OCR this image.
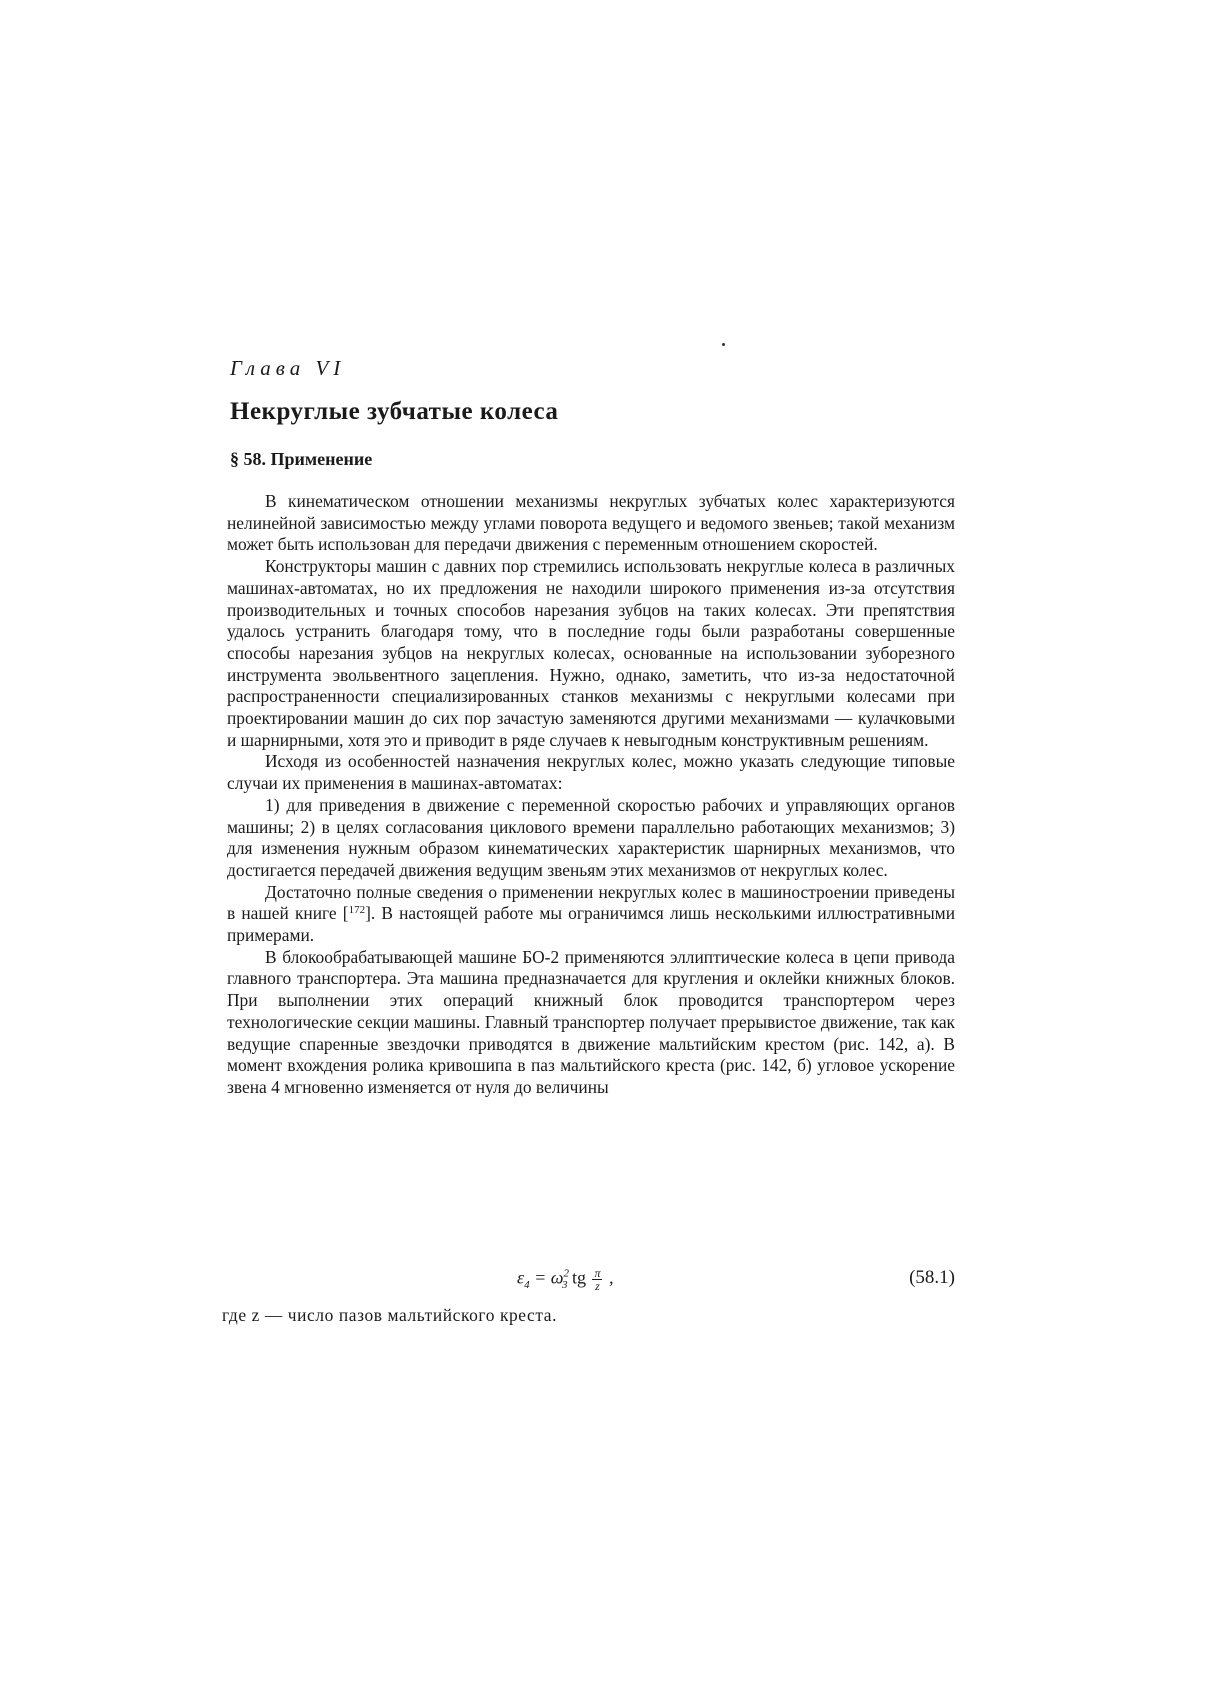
Глава VI
Некруглые зубчатые колеса
§ 58. Применение

В кинематическом отношении механизмы некруглых зубчатых колес характеризуются нелинейной зависимостью между углами поворота ведущего и ведомого звеньев; такой механизм может быть использован для передачи движения с переменным отношением скоростей.

Конструкторы машин с давних пор стремились использовать некруглые колеса в различных машинах-автоматах, но их предложения не находили широкого применения из-за отсутствия производительных и точных способов нарезания зубцов на таких колесах. Эти препятствия удалось устранить благодаря тому, что в последние годы были разработаны совершенные способы нарезания зубцов на некруглых колесах, основанные на использовании зуборезного инструмента эвольвентного зацепления. Нужно, однако, заметить, что из-за недостаточной распространенности специализированных станков механизмы с некруглыми колесами при проектировании машин до сих пор зачастую заменяются другими механизмами — кулачковыми и шарнирными, хотя это и приводит в ряде случаев к невыгодным конструктивным решениям.

Исходя из особенностей назначения некруглых колес, можно указать следующие типовые случаи их применения в машинах-автоматах:

1) для приведения в движение с переменной скоростью рабочих и управляющих органов машины; 2) в целях согласования циклового времени параллельно работающих механизмов; 3) для изменения нужным образом кинематических характеристик шарнирных механизмов, что достигается передачей движения ведущим звеньям этих механизмов от некруглых колес.

Достаточно полные сведения о применении некруглых колес в машиностроении приведены в нашей книге [$^{172}$]. В настоящей работе мы ограничимся лишь несколькими иллюстративными примерами.

В блокообрабатывающей машине БО-2 применяются эллиптические колеса в цепи привода главного транспортера. Эта машина предназначается для кругления и оклейки книжных блоков. При выполнении этих операций книжный блок проводится транспортером через технологические секции машины. Главный транспортер получает прерывистое движение, так как ведущие спаренные звездочки приводятся в движение мальтийским крестом (рис. 142, а). В момент вхождения ролика кривошипа в паз мальтийского креста (рис. 142, б) угловое ускорение звена 4 мгновенно изменяется от нуля до величины

$\varepsilon_4 = \omega^2_3$ tg $\frac{\pi}{z}$ ,	(58.1)
где z — число пазов мальтийского креста.
